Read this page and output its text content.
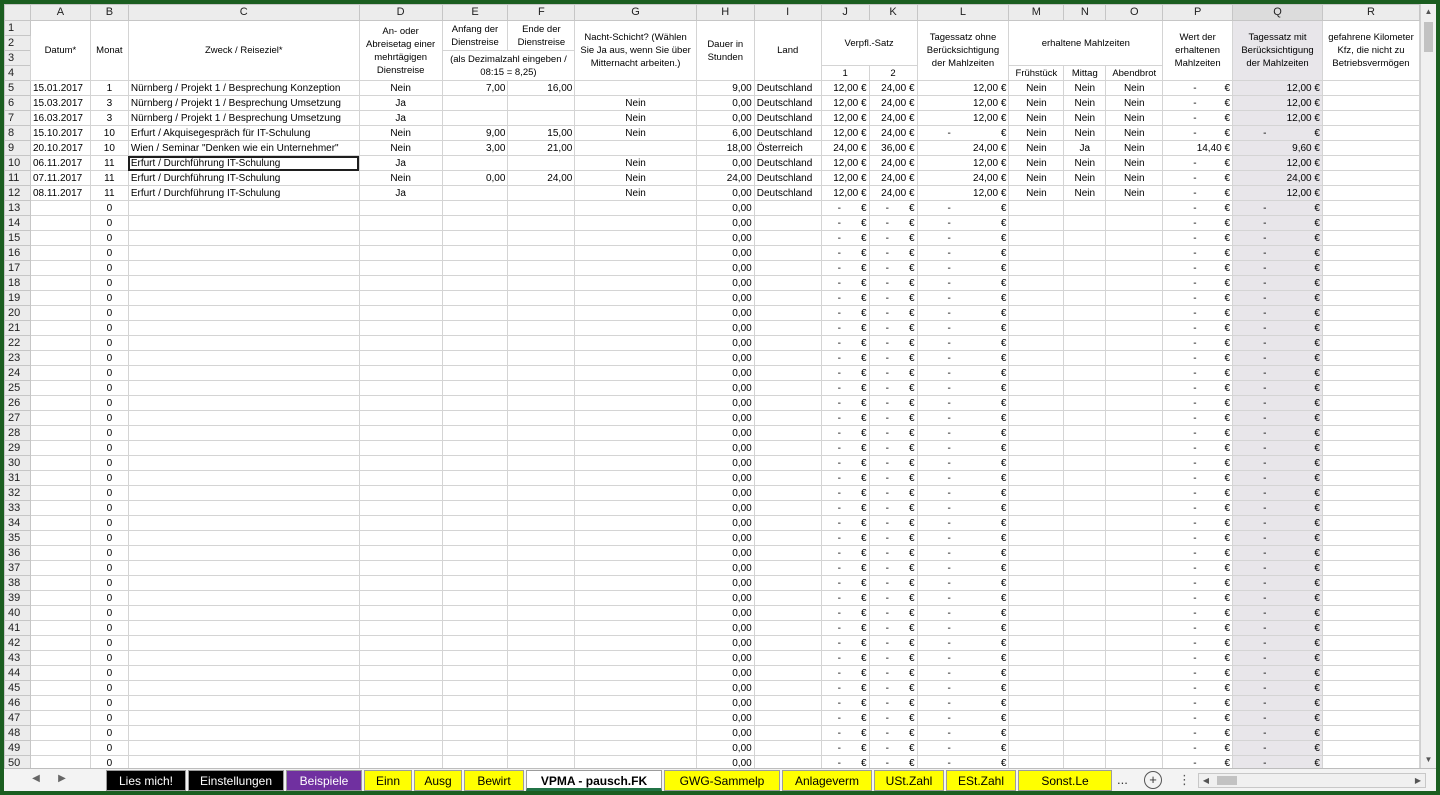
	A	B	C	D	E	F	G	H	I	J	K	L	M	N	O	P	Q	R
1	Datum*	Monat	Zweck / Reiseziel*	An- oder Abreisetag einer mehrtägigen Dienstreise	Anfang der Dienstreise	Ende der Dienstreise	Nacht-Schicht? (Wählen Sie Ja aus, wenn Sie über Mitternacht arbeiten.)	Dauer in Stunden	Land	Verpfl.-Satz		Tagessatz ohne Berücksichtigung der Mahlzeiten	erhaltene Mahlzeiten			Wert der erhaltenen Mahlzeiten	Tagessatz mit Berücksichtigung der Mahlzeiten	gefahrene Kilometer Kfz, die nicht zu Betriebsvermögen
2																		
3					(als Dezimalzahl eingeben / 08:15 = 8,25)													
4										1	2		Frühstück	Mittag	Abendbrot			
5	15.01.2017	1	Nürnberg / Projekt 1 / Besprechung Konzeption	Nein	7,00	16,00		9,00	Deutschland	12,00 €	24,00 €	12,00 €	Nein	Nein	Nein	- €	12,00 €	
6	15.03.2017	3	Nürnberg / Projekt 1 / Besprechung Umsetzung	Ja			Nein	0,00	Deutschland	12,00 €	24,00 €	12,00 €	Nein	Nein	Nein	- €	12,00 €	
7	16.03.2017	3	Nürnberg / Projekt 1 / Besprechung Umsetzung	Ja			Nein	0,00	Deutschland	12,00 €	24,00 €	12,00 €	Nein	Nein	Nein	- €	12,00 €	
8	15.10.2017	10	Erfurt / Akquisegespräch für IT-Schulung	Nein	9,00	15,00	Nein	6,00	Deutschland	12,00 €	24,00 €	- €	Nein	Nein	Nein	- €	- €	

9	20.10.2017	10	Wien / Seminar "Denken wie ein Unternehmer"	Nein	3,00	21,00		18,00	Österreich	24,00 €	36,00 €	24,00 €	Nein	Ja	Nein	14,40 €	9,60 €	
10	06.11.2017	11	Erfurt / Durchführung IT-Schulung	Ja			Nein	0,00	Deutschland	12,00 €	24,00 €	12,00 €	Nein	Nein	Nein	- €	12,00 €	
11	07.11.2017	11	Erfurt / Durchführung IT-Schulung	Nein	0,00	24,00	Nein	24,00	Deutschland	12,00 €	24,00 €	24,00 €	Nein	Nein	Nein	- €	24,00 €	
12	08.11.2017	11	Erfurt / Durchführung IT-Schulung	Ja			Nein	0,00	Deutschland	12,00 €	24,00 €	12,00 €	Nein	Nein	Nein	- €	12,00 €	
13		0						0,00		- €	- €	- €				- €	- €	

14		0						0,00		- €	- €	- €				- €	- €	

15		0						0,00		- €	- €	- €				- €	- €	

16		0						0,00		- €	- €	- €				- €	- €	

17		0						0,00		- €	- €	- €				- €	- €	

18		0						0,00		- €	- €	- €				- €	- €	

19		0						0,00		- €	- €	- €				- €	- €	

20		0						0,00		- €	- €	- €				- €	- €	

21		0						0,00		- €	- €	- €				- €	- €	

22		0						0,00		- €	- €	- €				- €	- €	

23		0						0,00		- €	- €	- €				- €	- €	

24		0						0,00		- €	- €	- €				- €	- €	

25		0						0,00		- €	- €	- €				- €	- €	

26		0						0,00		- €	- €	- €				- €	- €	

27		0						0,00		- €	- €	- €				- €	- €	

28		0						0,00		- €	- €	- €				- €	- €	

29		0						0,00		- €	- €	- €				- €	- €	

30		0						0,00		- €	- €	- €				- €	- €	

31		0						0,00		- €	- €	- €				- €	- €	

32		0						0,00		- €	- €	- €				- €	- €	

33		0						0,00		- €	- €	- €				- €	- €	

34		0						0,00		- €	- €	- €				- €	- €	

35		0						0,00		- €	- €	- €				- €	- €	

36		0						0,00		- €	- €	- €				- €	- €	

37		0						0,00		- €	- €	- €				- €	- €	

38		0						0,00		- €	- €	- €				- €	- €	

39		0						0,00		- €	- €	- €				- €	- €	

40		0						0,00		- €	- €	- €				- €	- €	

41		0						0,00		- €	- €	- €				- €	- €	

42		0						0,00		- €	- €	- €				- €	- €	

43		0						0,00		- €	- €	- €				- €	- €	

44		0						0,00		- €	- €	- €				- €	- €	

45		0						0,00		- €	- €	- €				- €	- €	

46		0						0,00		- €	- €	- €				- €	- €	

47		0						0,00		- €	- €	- €				- €	- €	

48		0						0,00		- €	- €	- €				- €	- €	

49		0						0,00		- €	- €	- €				- €	- €	

50		0						0,00		- €	- €	- €				- €	- €	

▲
▼
◀	▶	Lies mich!	Einstellungen	Beispiele	Einn	Ausg	Bewirt	VPMA - pausch.FK	GWG-Sammelp	Anlageverm	USt.Zahl	ESt.Zahl	Sonst.Le	...	+	⋮	◀	▶
